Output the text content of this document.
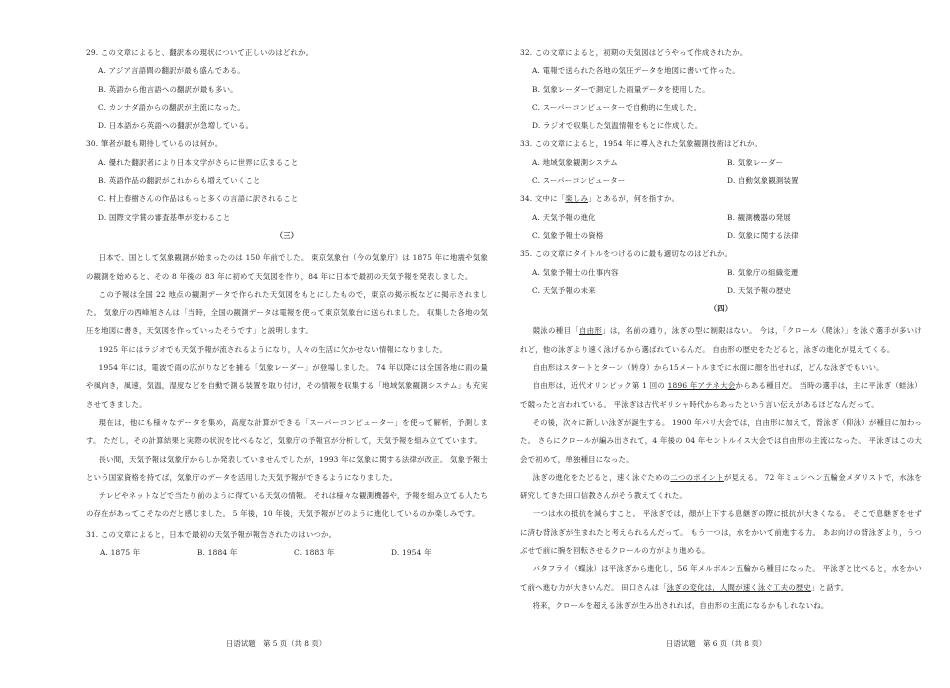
29. この文章によると、翻訳本の現状について正しいのはどれか。
A. アジア言語間の翻訳が最も盛んである。
B. 英語から他言語への翻訳が最も多い。
C. カンナダ語からの翻訳が主流になった。
D. 日本語から英語への翻訳が急増している。
30. 筆者が最も期待しているのは何か。
A. 優れた翻訳者により日本文学がさらに世界に広まること
B. 英語作品の翻訳がこれからも増えていくこと
C. 村上春樹さんの作品はもっと多くの言語に訳されること
D. 国際文学賞の審査基準が変わること
（三）

日本で、国として気象観測が始まったのは 150 年前でした。 東京気象台（今の気象庁）は 1875 年に地震や気象の観測を始めると、その 8 年後の 83 年に初めて天気図を作り，84 年に日本で最初の天気予報を発表しました。

この予報は全国 22 地点の観測データで作られた天気図をもとにしたもので，東京の掲示板などに掲示されました。 気象庁の西峰旭さんは「当時，全国の観測データは電報を使って東京気象台に送られました。 収集した各地の気圧を地図に書き，天気図を作っていったそうです」と説明します。

1925 年にはラジオでも天気予報が流されるようになり，人々の生活に欠かせない情報になりました。

1954 年には，電波で雨の広がりなどを捕る「気象レーダー」が登場しました。 74 年以降には全国各地に雨の量や風向き，風速，気温，湿度などを自動で測る装置を取り付け，その情報を収集する「地域気象観測システム」も充実させてきました。

現在は，他にも様々なデータを集め，高度な計算ができる「スーパーコンピューター」を使って解析，予測します。 ただし，その計算結果と実際の状況を比べるなど，気象庁の予報官が分析して，天気予報を組み立てています。

長い間，天気予報は気象庁からしか発表していませんでしたが，1993 年に気象に関する法律が改正。 気象予報士という国家資格を持てば，気象庁のデータを活用した天気予報ができるようになりました。

テレビやネットなどで当たり前のように得ている天気の情報。 それは様々な観測機器や，予報を組み立てる人たちの存在があってこそなのだと感じました。 5 年後，10 年後，天気予報がどのように進化しているのか楽しみです。

31. この文章によると，日本で最初の天気予報が報告されたのはいつか。
A. 1875 年	B. 1884 年	C. 1883 年	D. 1954 年
32. この文章によると，初期の天気図はどうやって作成されたか。
A. 電報で送られた各地の気圧データを地図に書いて作った。
B. 気象レーダーで測定した雨量データを使用した。
C. スーパーコンピューターで自動的に生成した。
D. ラジオで収集した気温情報をもとに作成した。
33. この文章によると，1954 年に導入された気象観測技術はどれか。
A. 地域気象観測システム	B. 気象レーダー
C. スーパーコンピューター	D. 自動気象観測装置
34. 文中に「楽しみ」とあるが，何を指すか。
A. 天気予報の進化	B. 観測機器の発展
C. 気象予報士の資格	D. 気象に関する法律
35. この文章にタイトルをつけるのに最も適切なのはどれか。
A. 気象予報士の仕事内容	B. 気象庁の組織変遷
C. 天気予報の未来	D. 天気予報の歴史
（四）

競泳の種目「自由形」は，名前の通り，泳ぎの型に制限はない。 今は，「クロール（爬泳）」を泳ぐ選手が多いけれど，他の泳ぎより速く泳げるから選ばれているんだ。 自由形の歴史をたどると，泳ぎの進化が見えてくる。

自由形はスタートとターン（转身）から15メートルまでに水面に顔を出せれば，どんな泳ぎでもいい。

自由形は，近代オリンピック第 1 回の 1896 年アテネ大会からある種目だ。 当時の選手は，主に平泳ぎ（蛙泳）で競ったと言われている。 平泳ぎは古代ギリシャ時代からあったという言い伝えがあるほどなんだって。

その後，次々に新しい泳ぎが誕生する。 1900 年パリ大会では，自由形に加えて，背泳ぎ（仰泳）が種目に加わった。 さらにクロールが編み出されて，4 年後の 04 年セントルイス大会では自由形の主流になった。 平泳ぎはこの大会で初めて，単独種目になった。

泳ぎの進化をたどると，速く泳ぐための二つのポイントが見える。 72 年ミュンヘン五輪金メダリストで，水泳を研究してきた田口信教さんがそう教えてくれた。

一つは水の抵抗を減らすこと。 平泳ぎでは，顔が上下する息継ぎの際に抵抗が大きくなる。 そこで息継ぎをせずに済む背泳ぎが生まれたと考えられるんだって。 もう一つは，水をかいて前進する力。 あお向けの背泳ぎより，うつぶせで前に腕を回転させるクロールの方がより進める。

バタフライ（蝶泳）は平泳ぎから進化し，56 年メルボルン五輪から種目になった。 平泳ぎと比べると，水をかいて前へ進む力が大きいんだ。 田口さんは「泳ぎの変化は，人間が速く泳ぐ工夫の歴史」と話す。

将来，クロールを超える泳ぎが生み出されれば，自由形の主流になるかもしれないね。

日语试题　第 5 页（共 8 页）	日语试题　第 6 页（共 8 页）
